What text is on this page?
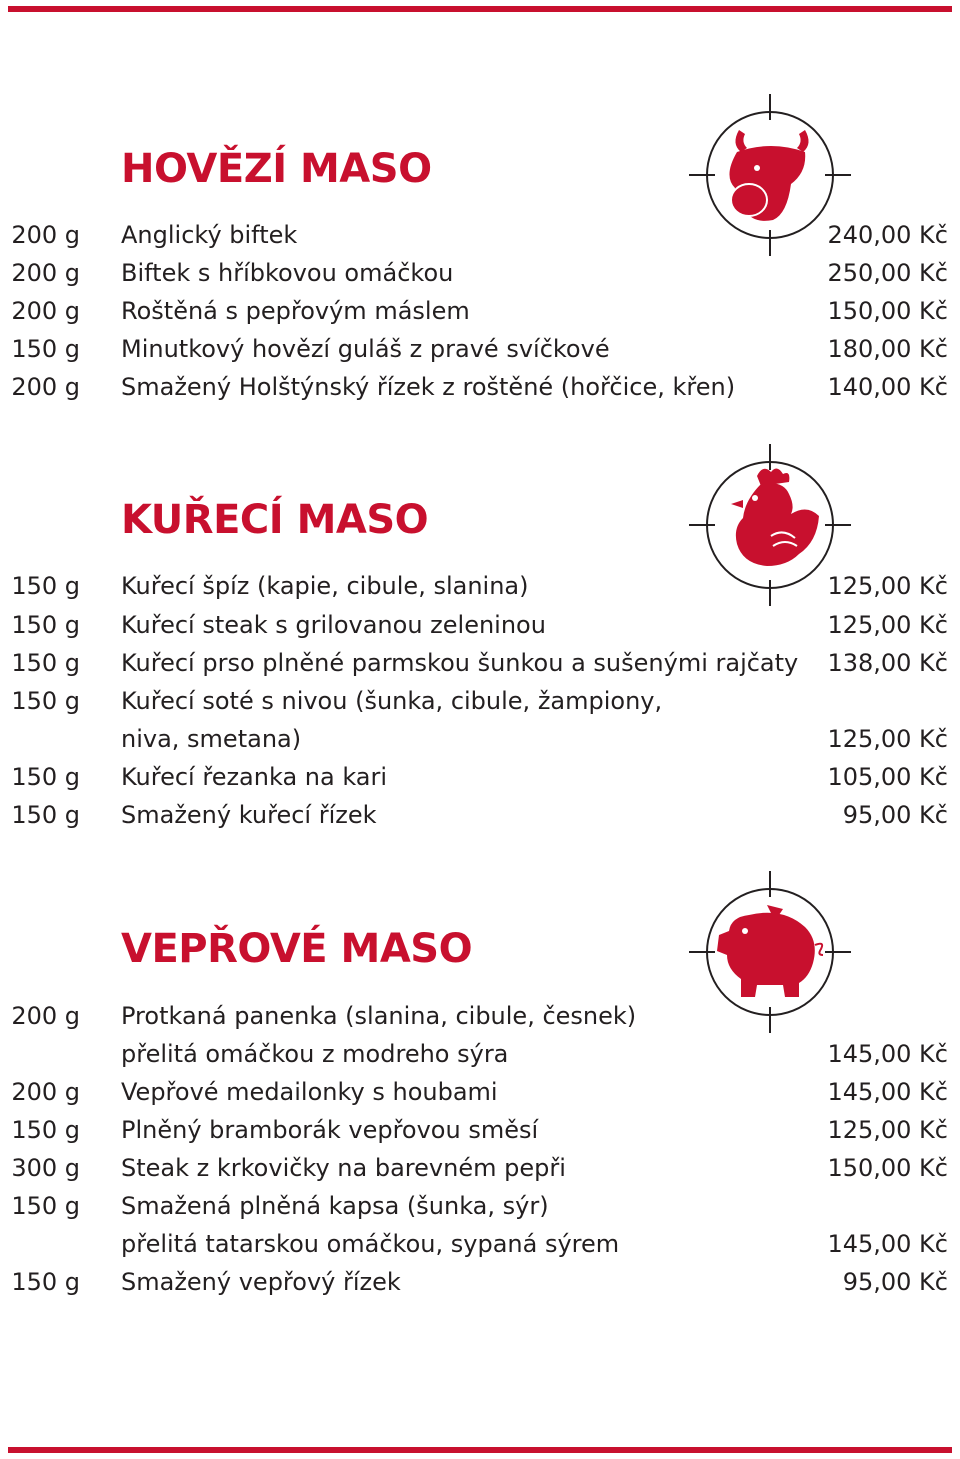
HOVĚZÍ MASO
200 g Anglický biftek	240,00 Kč
200 g Biftek s hříbkovou omáčkou	250,00 Kč
200 g Roštěná s pepřovým máslem	150,00 Kč
150 g Minutkový hovězí guláš z pravé svíčkové	180,00 Kč
200 g Smažený Holštýnský řízek z roštěné (hořčice, křen)	140,00 Kč
KUŘECÍ MASO
150 g Kuřecí špíz (kapie, cibule, slanina)	125,00 Kč
150 g Kuřecí steak s grilovanou zeleninou	125,00 Kč
150 g Kuřecí prso plněné parmskou šunkou a sušenými rajčaty 138,00 Kč
150 g Kuřecí soté s nivou (šunka, cibule, žampiony,
niva, smetana)	125,00 Kč
150 g Kuřecí řezanka na kari	105,00 Kč
150 g Smažený kuřecí řízek	95,00 Kč
VEPŘOVÉ MASO
200 g Protkaná panenka (slanina, cibule, česnek)
přelitá omáčkou z modreho sýra	145,00 Kč
200 g Vepřové medailonky s houbami	145,00 Kč
150 g Plněný bramborák vepřovou směsí	125,00 Kč
300 g Steak z krkovičky na barevném pepři	150,00 Kč
150 g Smažená plněná kapsa (šunka, sýr)
přelitá tatarskou omáčkou, sypaná sýrem	145,00 Kč
150 g Smažený vepřový řízek	95,00 Kč
